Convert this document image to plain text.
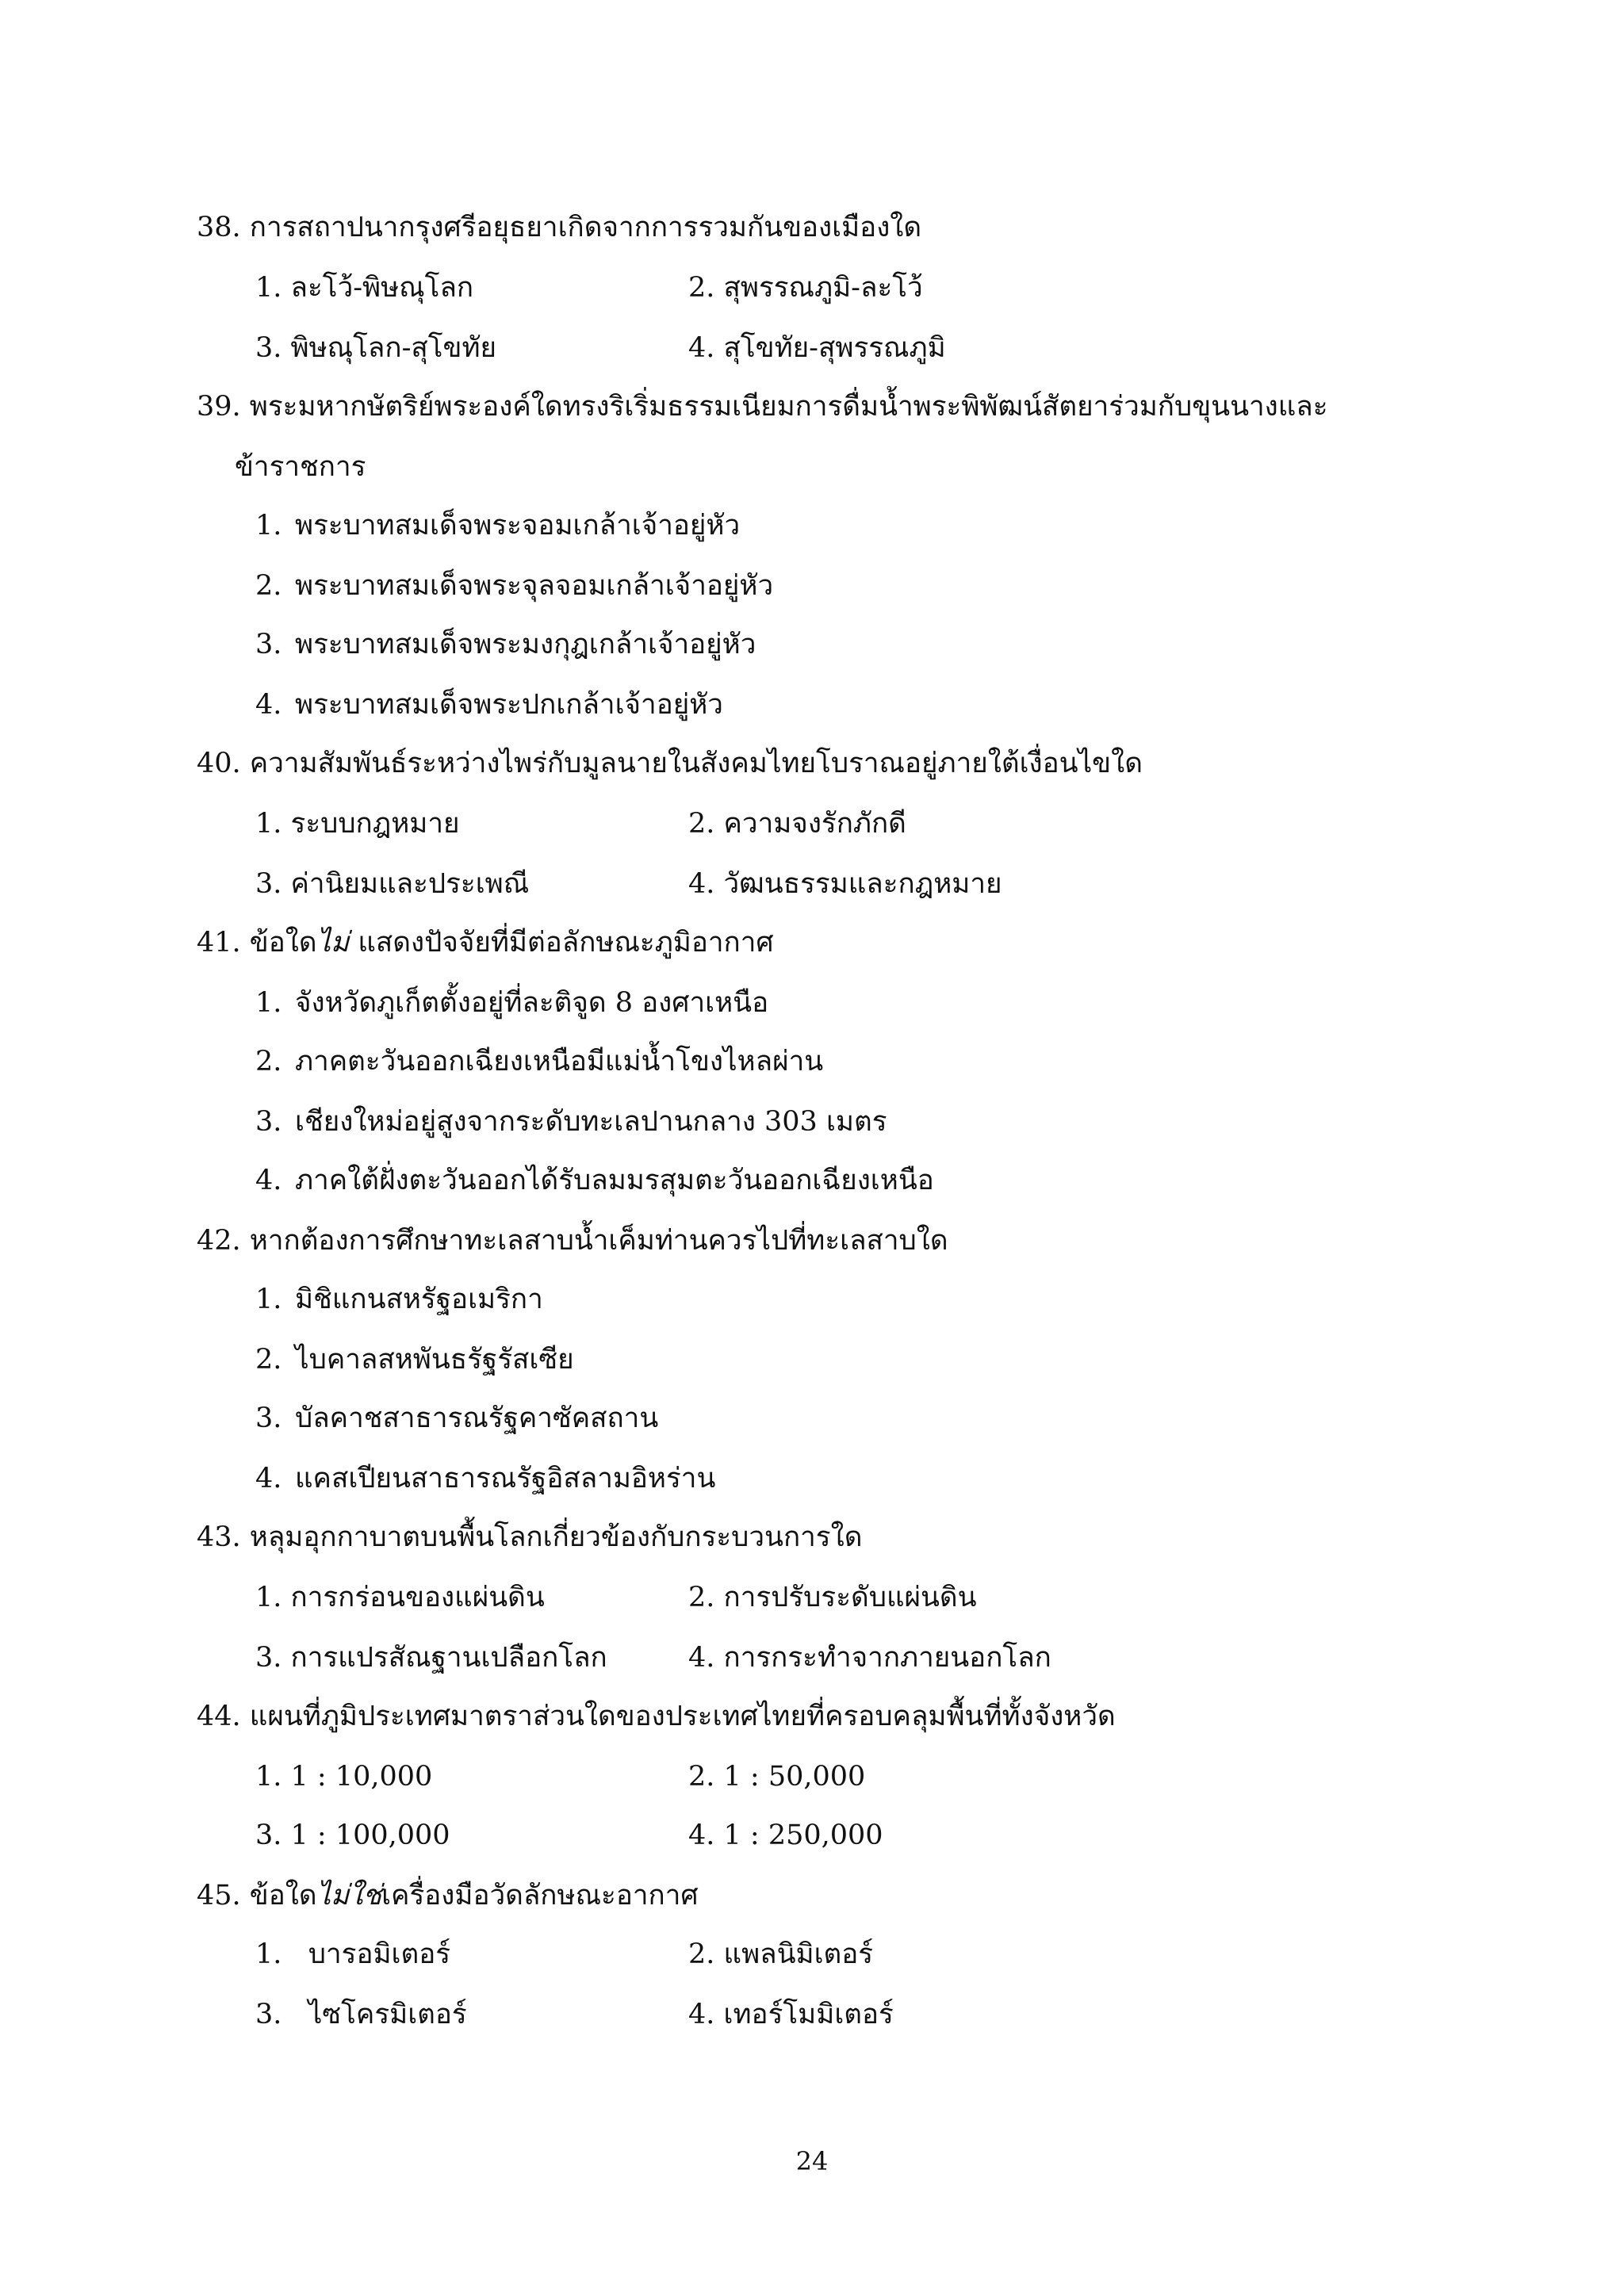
38. การสถาปนากรุงศรีอยุธยาเกิดจากการรวมกันของเมืองใด
1. ละโว้-พิษณุโลก	2. สุพรรณภูมิ-ละโว้
3. พิษณุโลก-สุโขทัย	4. สุโขทัย-สุพรรณภูมิ
39. พระมหากษัตริย์พระองค์ใดทรงริเริ่มธรรมเนียมการดื่มน้ำพระพิพัฒน์สัตยาร่วมกับขุนนางและ
ข้าราชการ
1. พระบาทสมเด็จพระจอมเกล้าเจ้าอยู่หัว
2. พระบาทสมเด็จพระจุลจอมเกล้าเจ้าอยู่หัว
3. พระบาทสมเด็จพระมงกุฎเกล้าเจ้าอยู่หัว
4. พระบาทสมเด็จพระปกเกล้าเจ้าอยู่หัว
40. ความสัมพันธ์ระหว่างไพร่กับมูลนายในสังคมไทยโบราณอยู่ภายใต้เงื่อนไขใด
1. ระบบกฎหมาย	2. ความจงรักภักดี
3. ค่านิยมและประเพณี	4. วัฒนธรรมและกฎหมาย
41. ข้อใดไม่ แสดงปัจจัยที่มีต่อลักษณะภูมิอากาศ
1. จังหวัดภูเก็ตตั้งอยู่ที่ละติจูด 8 องศาเหนือ
2. ภาคตะวันออกเฉียงเหนือมีแม่น้ำโขงไหลผ่าน
3. เชียงใหม่อยู่สูงจากระดับทะเลปานกลาง 303 เมตร
4. ภาคใต้ฝั่งตะวันออกได้รับลมมรสุมตะวันออกเฉียงเหนือ
42. หากต้องการศึกษาทะเลสาบน้ำเค็มท่านควรไปที่ทะเลสาบใด
1. มิชิแกนสหรัฐอเมริกา
2. ไบคาลสหพันธรัฐรัสเซีย
3. บัลคาชสาธารณรัฐคาซัคสถาน
4. แคสเปียนสาธารณรัฐอิสลามอิหร่าน
43. หลุมอุกกาบาตบนพื้นโลกเกี่ยวข้องกับกระบวนการใด
1. การกร่อนของแผ่นดิน	2. การปรับระดับแผ่นดิน
3. การแปรสัณฐานเปลือกโลก	4. การกระทำจากภายนอกโลก
44. แผนที่ภูมิประเทศมาตราส่วนใดของประเทศไทยที่ครอบคลุมพื้นที่ทั้งจังหวัด
1. 1 : 10,000	2. 1 : 50,000
3. 1 : 100,000	4. 1 : 250,000
45. ข้อใดไม่ใช่เครื่องมือวัดลักษณะอากาศ
1.   บารอมิเตอร์	2. แพลนิมิเตอร์
3.   ไซโครมิเตอร์	4. เทอร์โมมิเตอร์
24
